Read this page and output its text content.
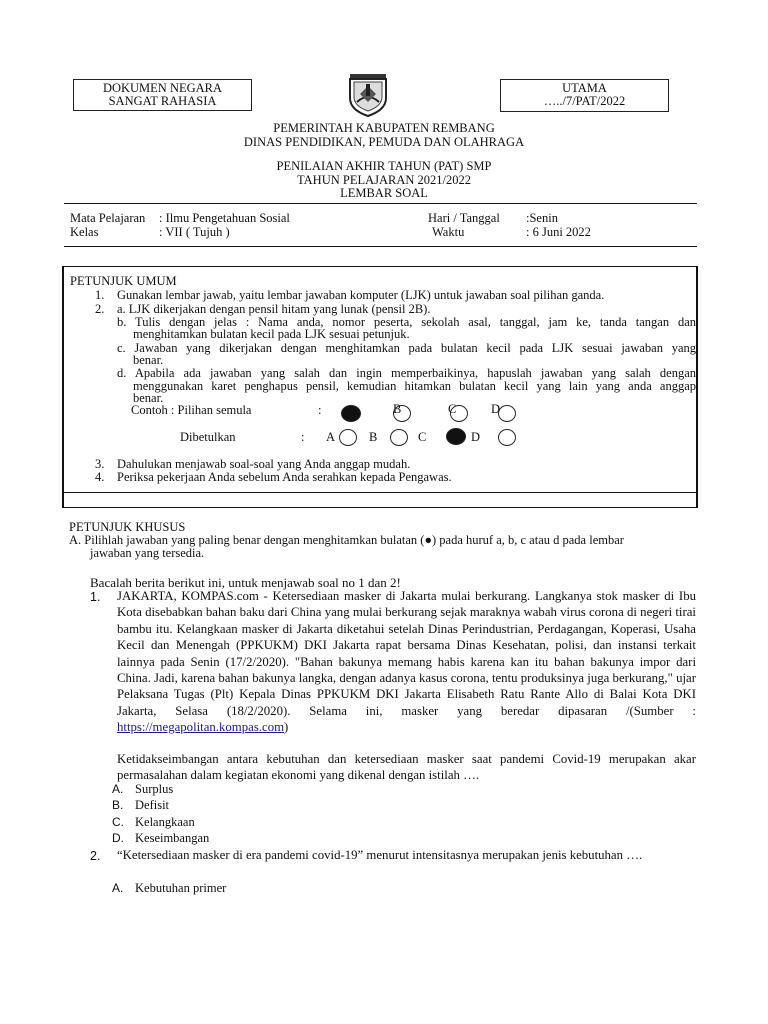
DOKUMEN NEGARA
SANGAT RAHASIA
UTAMA
…../7/PAT/2022
PEMERINTAH KABUPATEN REMBANG
DINAS PENDIDIKAN, PEMUDA DAN OLAHRAGA
PENILAIAN AKHIR TAHUN (PAT) SMP
TAHUN PELAJARAN 2021/2022
LEMBAR SOAL
Mata Pelajaran : Ilmu Pengetahuan Sosial
Kelas	: VII ( Tujuh )
Hari / Tanggal :Senin
Waktu	: 6 Juni 2022
PETUNJUK UMUM
1. Gunakan lembar jawab, yaitu lembar jawaban komputer (LJK) untuk jawaban soal pilihan ganda.
2. a. LJK dikerjakan dengan pensil hitam yang lunak (pensil 2B).
b. Tulis dengan jelas : Nama anda, nomor peserta, sekolah asal, tanggal, jam ke, tanda tangan dan
menghitamkan bulatan kecil pada LJK sesuai petunjuk.
c. Jawaban yang dikerjakan dengan menghitamkan pada bulatan kecil pada LJK sesuai jawaban yang
benar.
d. Apabila ada jawaban yang salah dan ingin memperbaikinya, hapuslah jawaban yang salah dengan
menggunakan karet penghapus pensil, kemudian hitamkan bulatan kecil yang lain yang anda anggap
benar.
Contoh : Pilihan semula	:	B	C	D
Dibetulkan	: A	B	C	D
3. Dahulukan menjawab soal-soal yang Anda anggap mudah.
4. Periksa pekerjaan Anda sebelum Anda serahkan kepada Pengawas.
PETUNJUK KHUSUS
A. Pilihlah jawaban yang paling benar dengan menghitamkan bulatan (●) pada huruf a, b, c atau d pada lembar
jawaban yang tersedia.
Bacalah berita berikut ini, untuk menjawab soal no 1 dan 2!
1. JAKARTA, KOMPAS.com - Ketersediaan masker di Jakarta mulai berkurang. Langkanya stok masker di Ibu Kota disebabkan bahan baku dari China yang mulai berkurang sejak maraknya wabah virus corona di negeri tirai bambu itu. Kelangkaan masker di Jakarta diketahui setelah Dinas Perindustrian, Perdagangan, Koperasi, Usaha Kecil dan Menengah (PPKUKM) DKI Jakarta rapat bersama Dinas Kesehatan, polisi, dan instansi terkait lainnya pada Senin (17/2/2020). "Bahan bakunya memang habis karena kan itu bahan bakunya impor dari China. Jadi, karena bahan bakunya langka, dengan adanya kasus corona, tentu produksinya juga berkurang," ujar Pelaksana Tugas (Plt) Kepala Dinas PPKUKM DKI Jakarta Elisabeth Ratu Rante Allo di Balai Kota DKI Jakarta, Selasa (18/2/2020). Selama ini, masker yang beredar dipasaran /(Sumber : https://megapolitan.kompas.com)
Ketidakseimbangan antara kebutuhan dan ketersediaan masker saat pandemi Covid-19 merupakan akar permasalahan dalam kegiatan ekonomi yang dikenal dengan istilah ….
A. Surplus
B. Defisit
C. Kelangkaan
D. Keseimbangan
2. “Ketersediaan masker di era pandemi covid-19” menurut intensitasnya merupakan jenis kebutuhan ….
A. Kebutuhan primer
